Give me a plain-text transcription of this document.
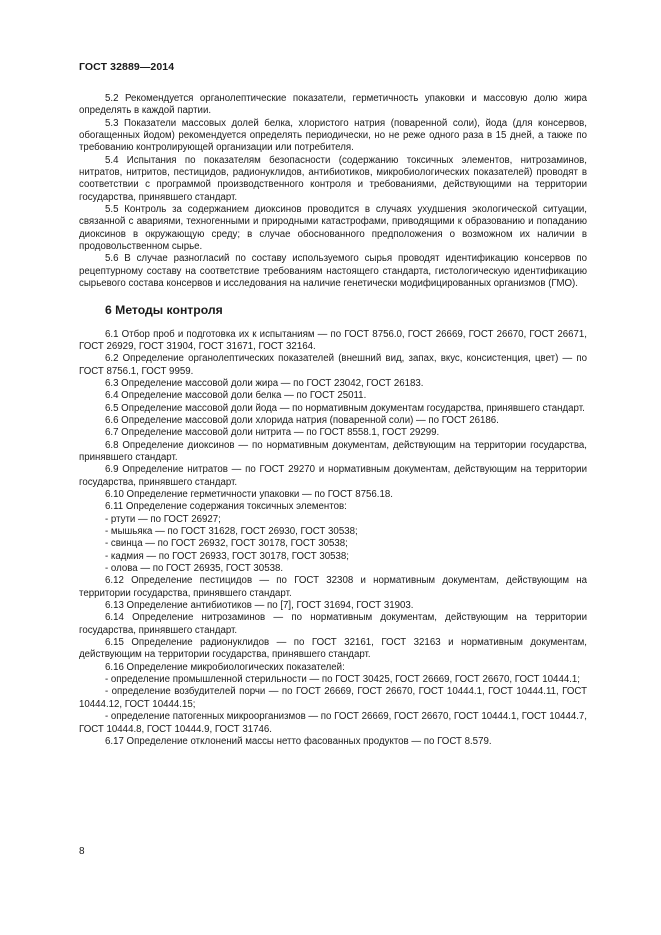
ГОСТ 32889—2014

5.2 Рекомендуется органолептические показатели, герметичность упаковки и массовую долю жира определять в каждой партии.

5.3 Показатели массовых долей белка, хлористого натрия (поваренной соли), йода (для консервов, обогащенных йодом) рекомендуется определять периодически, но не реже одного раза в 15 дней, а также по требованию контролирующей организации или потребителя.

5.4 Испытания по показателям безопасности (содержанию токсичных элементов, нитрозаминов, нитратов, нитритов, пестицидов, радионуклидов, антибиотиков, микробиологических показателей) проводят в соответствии с программой производственного контроля и требованиями, действующими на территории государства, принявшего стандарт.

5.5 Контроль за содержанием диоксинов проводится в случаях ухудшения экологической ситуации, связанной с авариями, техногенными и природными катастрофами, приводящими к образованию и попаданию диоксинов в окружающую среду; в случае обоснованного предположения о возможном их наличии в продовольственном сырье.

5.6 В случае разногласий по составу используемого сырья проводят идентификацию консервов по рецептурному составу на соответствие требованиям настоящего стандарта, гистологическую идентификацию сырьевого состава консервов и исследования на наличие генетически модифицированных организмов (ГМО).

6 Методы контроля

6.1 Отбор проб и подготовка их к испытаниям — по ГОСТ 8756.0, ГОСТ 26669, ГОСТ 26670, ГОСТ 26671, ГОСТ 26929, ГОСТ 31904, ГОСТ 31671, ГОСТ 32164.

6.2 Определение органолептических показателей (внешний вид, запах, вкус, консистенция, цвет) — по ГОСТ 8756.1, ГОСТ 9959.

6.3 Определение массовой доли жира — по ГОСТ 23042, ГОСТ 26183.

6.4 Определение массовой доли белка — по ГОСТ 25011.

6.5 Определение массовой доли йода — по нормативным документам государства, принявшего стандарт.

6.6 Определение массовой доли хлорида натрия (поваренной соли) — по ГОСТ 26186.

6.7 Определение массовой доли нитрита — по ГОСТ 8558.1, ГОСТ 29299.

6.8 Определение диоксинов — по нормативным документам, действующим на территории государства, принявшего стандарт.

6.9 Определение нитратов — по ГОСТ 29270 и нормативным документам, действующим на территории государства, принявшего стандарт.

6.10 Определение герметичности упаковки — по ГОСТ 8756.18.

6.11 Определение содержания токсичных элементов:

- ртути — по ГОСТ 26927;

- мышьяка — по ГОСТ 31628, ГОСТ 26930, ГОСТ 30538;

- свинца — по ГОСТ 26932, ГОСТ 30178, ГОСТ 30538;

- кадмия — по ГОСТ 26933, ГОСТ 30178, ГОСТ 30538;

- олова — по ГОСТ 26935, ГОСТ 30538.

6.12 Определение пестицидов — по ГОСТ 32308 и нормативным документам, действующим на территории государства, принявшего стандарт.

6.13 Определение антибиотиков — по [7], ГОСТ 31694, ГОСТ 31903.

6.14 Определение нитрозаминов — по нормативным документам, действующим на территории государства, принявшего стандарт.

6.15 Определение радионуклидов — по ГОСТ 32161, ГОСТ 32163 и нормативным документам, действующим на территории государства, принявшего стандарт.

6.16 Определение микробиологических показателей:

- определение промышленной стерильности — по ГОСТ 30425, ГОСТ 26669, ГОСТ 26670, ГОСТ 10444.1;

- определение возбудителей порчи — по ГОСТ 26669, ГОСТ 26670, ГОСТ 10444.1, ГОСТ 10444.11, ГОСТ 10444.12, ГОСТ 10444.15;

- определение патогенных микроорганизмов — по ГОСТ 26669, ГОСТ 26670, ГОСТ 10444.1, ГОСТ 10444.7, ГОСТ 10444.8, ГОСТ 10444.9, ГОСТ 31746.

6.17 Определение отклонений массы нетто фасованных продуктов — по ГОСТ 8.579.

8
